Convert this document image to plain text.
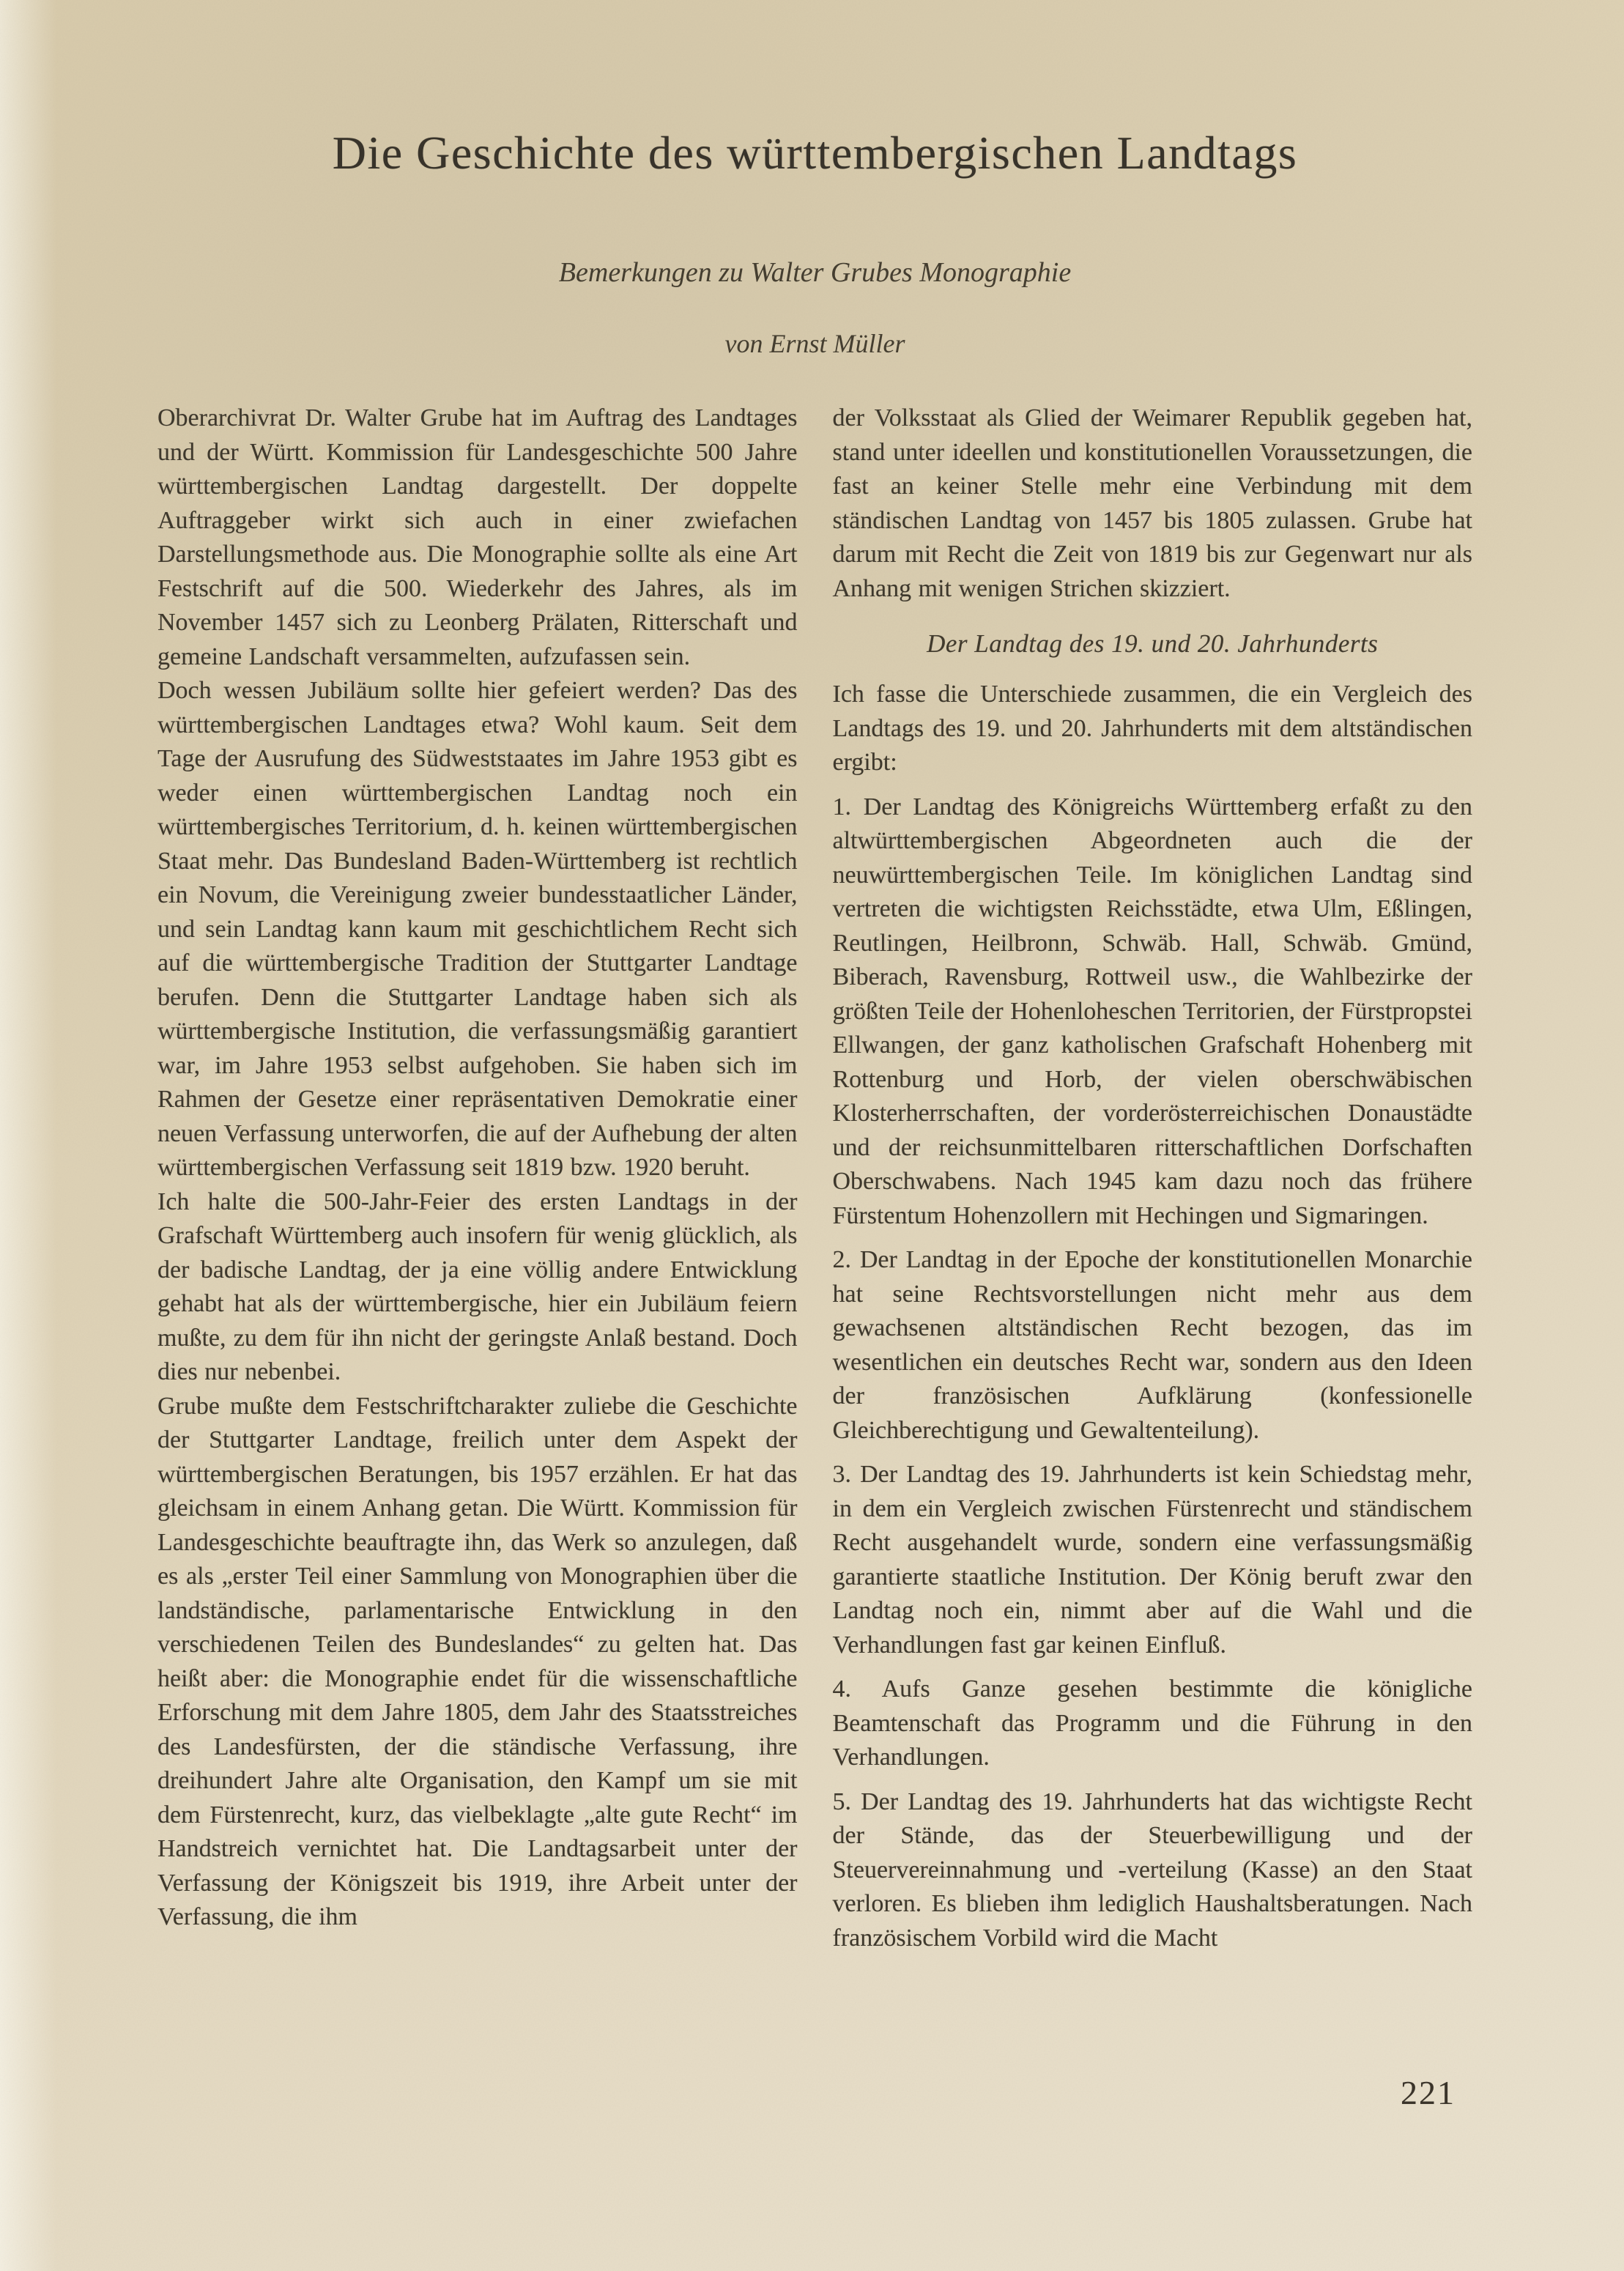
Die Geschichte des württembergischen Landtags

Bemerkungen zu Walter Grubes Monographie

von Ernst Müller

Oberarchivrat Dr. Walter Grube hat im Auftrag des Landtages und der Württ. Kommission für Landesgeschichte 500 Jahre württembergischen Landtag dargestellt. Der doppelte Auftraggeber wirkt sich auch in einer zwiefachen Darstellungsmethode aus. Die Monographie sollte als eine Art Festschrift auf die 500. Wiederkehr des Jahres, als im November 1457 sich zu Leonberg Prälaten, Ritterschaft und gemeine Landschaft versammelten, aufzufassen sein.

Doch wessen Jubiläum sollte hier gefeiert werden? Das des württembergischen Landtages etwa? Wohl kaum. Seit dem Tage der Ausrufung des Südweststaates im Jahre 1953 gibt es weder einen württembergischen Landtag noch ein württembergisches Territorium, d. h. keinen württembergischen Staat mehr. Das Bundesland Baden-Württemberg ist rechtlich ein Novum, die Vereinigung zweier bundesstaatlicher Länder, und sein Landtag kann kaum mit geschichtlichem Recht sich auf die württembergische Tradition der Stuttgarter Landtage berufen. Denn die Stuttgarter Landtage haben sich als württembergische Institution, die verfassungsmäßig garantiert war, im Jahre 1953 selbst aufgehoben. Sie haben sich im Rahmen der Gesetze einer repräsentativen Demokratie einer neuen Verfassung unterworfen, die auf der Aufhebung der alten württembergischen Verfassung seit 1819 bzw. 1920 beruht.

Ich halte die 500-Jahr-Feier des ersten Landtags in der Grafschaft Württemberg auch insofern für wenig glücklich, als der badische Landtag, der ja eine völlig andere Entwicklung gehabt hat als der württembergische, hier ein Jubiläum feiern mußte, zu dem für ihn nicht der geringste Anlaß bestand. Doch dies nur nebenbei.

Grube mußte dem Festschriftcharakter zuliebe die Geschichte der Stuttgarter Landtage, freilich unter dem Aspekt der württembergischen Beratungen, bis 1957 erzählen. Er hat das gleichsam in einem Anhang getan. Die Württ. Kommission für Landesgeschichte beauftragte ihn, das Werk so anzulegen, daß es als „erster Teil einer Sammlung von Monographien über die landständische, parlamentarische Entwicklung in den verschiedenen Teilen des Bundeslandes“ zu gelten hat. Das heißt aber: die Monographie endet für die wissenschaftliche Erforschung mit dem Jahre 1805, dem Jahr des Staatsstreiches des Landesfürsten, der die ständische Verfassung, ihre dreihundert Jahre alte Organisation, den Kampf um sie mit dem Fürstenrecht, kurz, das vielbeklagte „alte gute Recht“ im Handstreich vernichtet hat. Die Landtagsarbeit unter der Verfassung der Königszeit bis 1919, ihre Arbeit unter der Verfassung, die ihm

der Volksstaat als Glied der Weimarer Republik gegeben hat, stand unter ideellen und konstitutionellen Voraussetzungen, die fast an keiner Stelle mehr eine Verbindung mit dem ständischen Landtag von 1457 bis 1805 zulassen. Grube hat darum mit Recht die Zeit von 1819 bis zur Gegenwart nur als Anhang mit wenigen Strichen skizziert.

Der Landtag des 19. und 20. Jahrhunderts

Ich fasse die Unterschiede zusammen, die ein Vergleich des Landtags des 19. und 20. Jahrhunderts mit dem altständischen ergibt:

1. Der Landtag des Königreichs Württemberg erfaßt zu den altwürttembergischen Abgeordneten auch die der neuwürttembergischen Teile. Im königlichen Landtag sind vertreten die wichtigsten Reichsstädte, etwa Ulm, Eßlingen, Reutlingen, Heilbronn, Schwäb. Hall, Schwäb. Gmünd, Biberach, Ravensburg, Rottweil usw., die Wahlbezirke der größten Teile der Hohenloheschen Territorien, der Fürstpropstei Ellwangen, der ganz katholischen Grafschaft Hohenberg mit Rottenburg und Horb, der vielen oberschwäbischen Klosterherrschaften, der vorderösterreichischen Donaustädte und der reichsunmittelbaren ritterschaftlichen Dorfschaften Oberschwabens. Nach 1945 kam dazu noch das frühere Fürstentum Hohenzollern mit Hechingen und Sigmaringen.

2. Der Landtag in der Epoche der konstitutionellen Monarchie hat seine Rechtsvorstellungen nicht mehr aus dem gewachsenen altständischen Recht bezogen, das im wesentlichen ein deutsches Recht war, sondern aus den Ideen der französischen Aufklärung (konfessionelle Gleichberechtigung und Gewaltenteilung).

3. Der Landtag des 19. Jahrhunderts ist kein Schiedstag mehr, in dem ein Vergleich zwischen Fürstenrecht und ständischem Recht ausgehandelt wurde, sondern eine verfassungsmäßig garantierte staatliche Institution. Der König beruft zwar den Landtag noch ein, nimmt aber auf die Wahl und die Verhandlungen fast gar keinen Einfluß.

4. Aufs Ganze gesehen bestimmte die königliche Beamtenschaft das Programm und die Führung in den Verhandlungen.

5. Der Landtag des 19. Jahrhunderts hat das wichtigste Recht der Stände, das der Steuerbewilligung und der Steuervereinnahmung und -verteilung (Kasse) an den Staat verloren. Es blieben ihm lediglich Haushaltsberatungen. Nach französischem Vorbild wird die Macht

221
